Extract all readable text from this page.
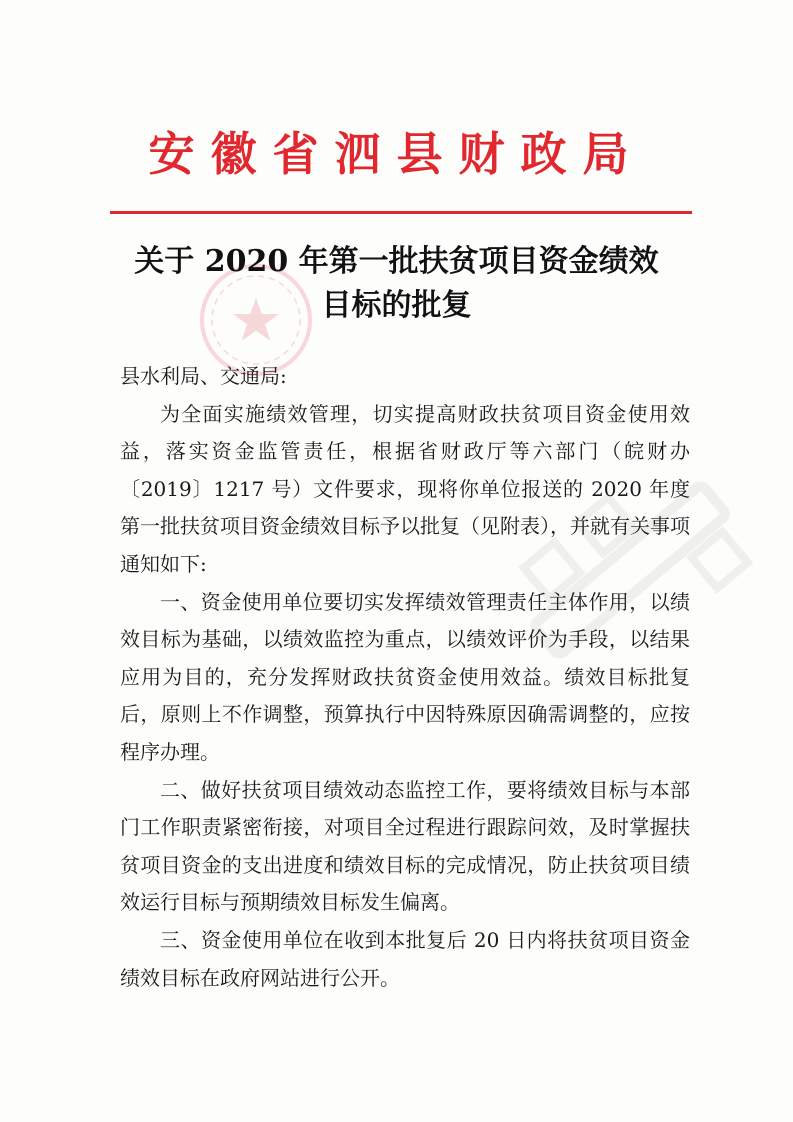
安徽省泗县财政局
关于 2020 年第一批扶贫项目资金绩效
目标的批复

县水利局、交通局:

为全面实施绩效管理，切实提高财政扶贫项目资金使用效益，落实资金监管责任，根据省财政厅等六部门（皖财办〔2019〕1217 号）文件要求，现将你单位报送的 2020 年度第一批扶贫项目资金绩效目标予以批复（见附表），并就有关事项通知如下:

一、资金使用单位要切实发挥绩效管理责任主体作用，以绩效目标为基础，以绩效监控为重点，以绩效评价为手段，以结果应用为目的，充分发挥财政扶贫资金使用效益。绩效目标批复后，原则上不作调整，预算执行中因特殊原因确需调整的，应按程序办理。

二、做好扶贫项目绩效动态监控工作，要将绩效目标与本部门工作职责紧密衔接，对项目全过程进行跟踪问效，及时掌握扶贫项目资金的支出进度和绩效目标的完成情况，防止扶贫项目绩效运行目标与预期绩效目标发生偏离。

三、资金使用单位在收到本批复后 20 日内将扶贫项目资金绩效目标在政府网站进行公开。
